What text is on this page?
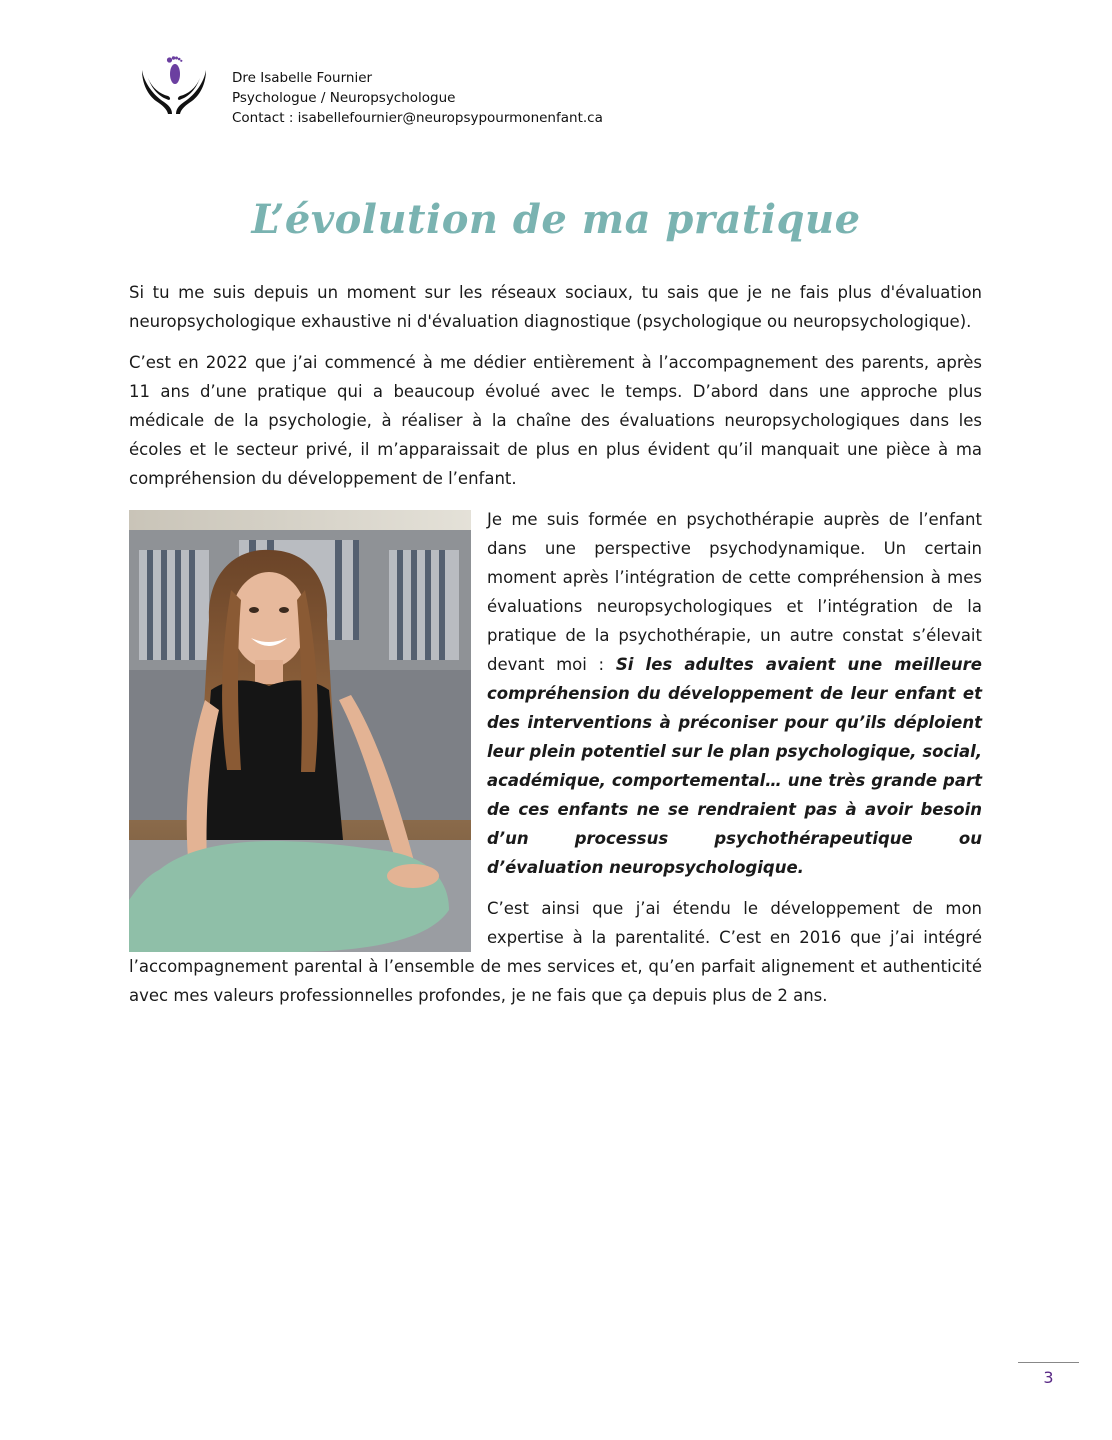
Dre Isabelle Fournier
Psychologue / Neuropsychologue
Contact : isabellefournier@neuropsypourmonenfant.ca
L’évolution de ma pratique

Si tu me suis depuis un moment sur les réseaux sociaux, tu sais que je ne fais plus d'évaluation neuropsychologique exhaustive ni d'évaluation diagnostique (psychologique ou neuropsychologique).

C’est en 2022 que j’ai commencé à me dédier entièrement à l’accompagnement des parents, après 11 ans d’une pratique qui a beaucoup évolué avec le temps. D’abord dans une approche plus médicale de la psychologie, à réaliser à la chaîne des évaluations neuropsychologiques dans les écoles et le secteur privé, il m’apparaissait de plus en plus évident qu’il manquait une pièce à ma compréhension du développement de l’enfant.

Je me suis formée en psychothérapie auprès de l’enfant dans une perspective psychodynamique. Un certain moment après l’intégration de cette compréhension à mes évaluations neuropsychologiques et l’intégration de la pratique de la psychothérapie, un autre constat s’élevait devant moi : Si les adultes avaient une meilleure compréhension du développement de leur enfant et des interventions à préconiser pour qu’ils déploient leur plein potentiel sur le plan psychologique, social, académique, comportemental… une très grande part de ces enfants ne se rendraient pas à avoir besoin d’un processus psychothérapeutique ou d’évaluation neuropsychologique.

C’est ainsi que j’ai étendu le développement de mon expertise à la parentalité. C’est en 2016 que j’ai intégré l’accompagnement parental à l’ensemble de mes services et, qu’en parfait alignement et authenticité avec mes valeurs professionnelles profondes, je ne fais que ça depuis plus de 2 ans.

3
